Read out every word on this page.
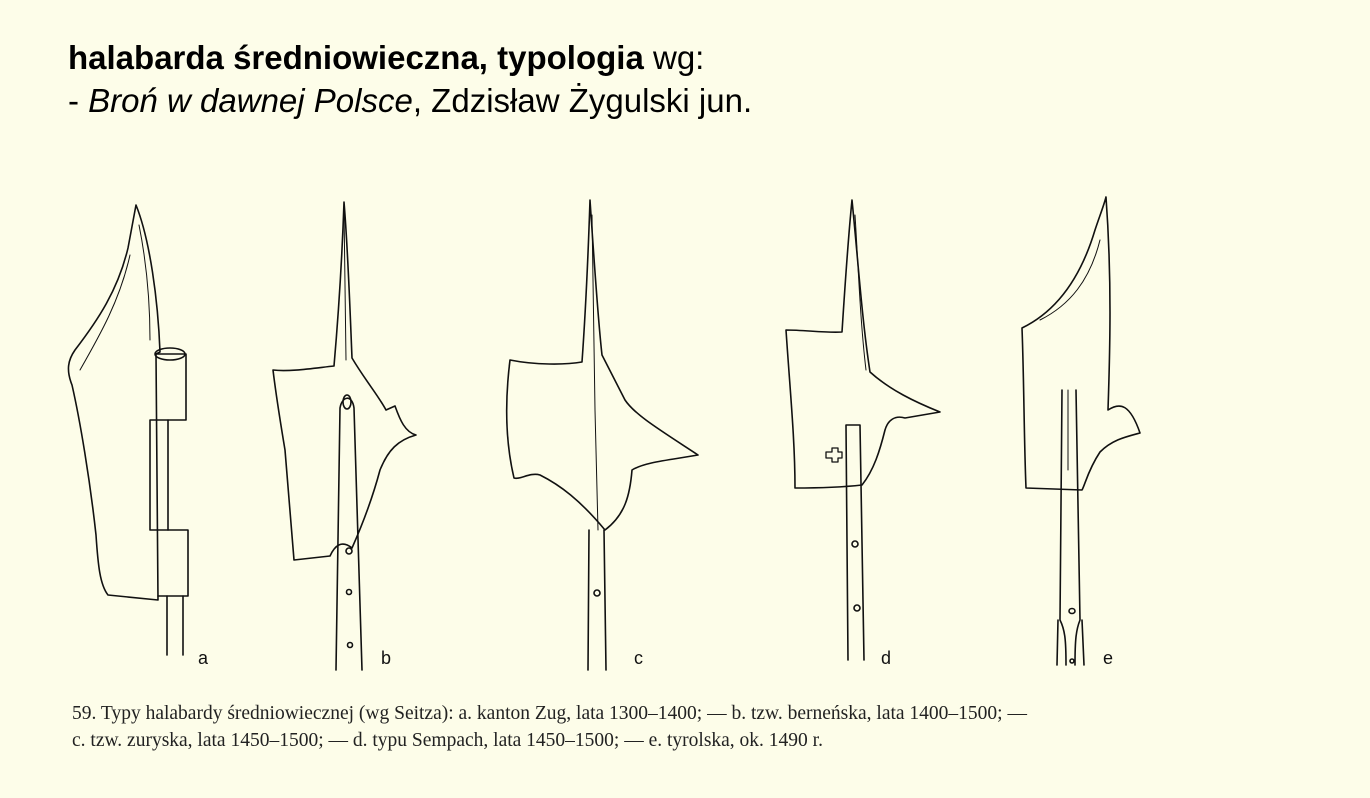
halabarda średniowieczna, typologia wg:
- Broń w dawnej Polsce, Zdzisław Żygulski jun.
a	b	c	d	e
59. Typy halabardy średniowiecznej (wg Seitza): a. kanton Zug, lata 1300–1400; — b. tzw. berneńska, lata 1400–1500; —
c. tzw. zuryska, lata 1450–1500; — d. typu Sempach, lata 1450–1500; — e. tyrolska, ok. 1490 r.
